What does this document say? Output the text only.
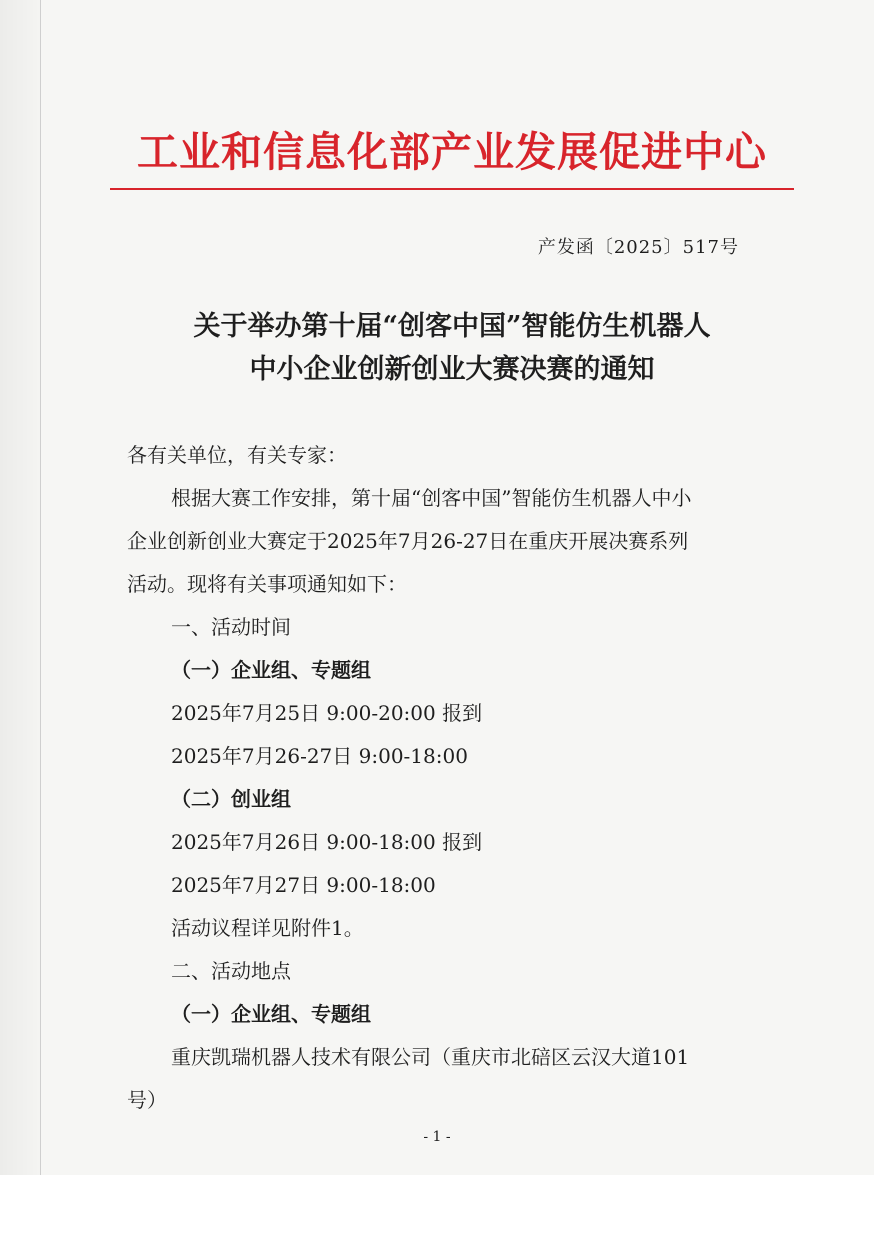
工业和信息化部产业发展促进中心
产发函〔2025〕517号
关于举办第十届“创客中国”智能仿生机器人
中小企业创新创业大赛决赛的通知
各有关单位，有关专家：
根据大赛工作安排，第十届“创客中国”智能仿生机器人中小
企业创新创业大赛定于2025年7月26-27日在重庆开展决赛系列
活动。现将有关事项通知如下：
一、活动时间
（一）企业组、专题组
2025年7月25日 9:00-20:00 报到
2025年7月26-27日 9:00-18:00
（二）创业组
2025年7月26日 9:00-18:00 报到
2025年7月27日 9:00-18:00
活动议程详见附件1。
二、活动地点
（一）企业组、专题组
重庆凯瑞机器人技术有限公司（重庆市北碚区云汉大道101
号）
- 1 -
